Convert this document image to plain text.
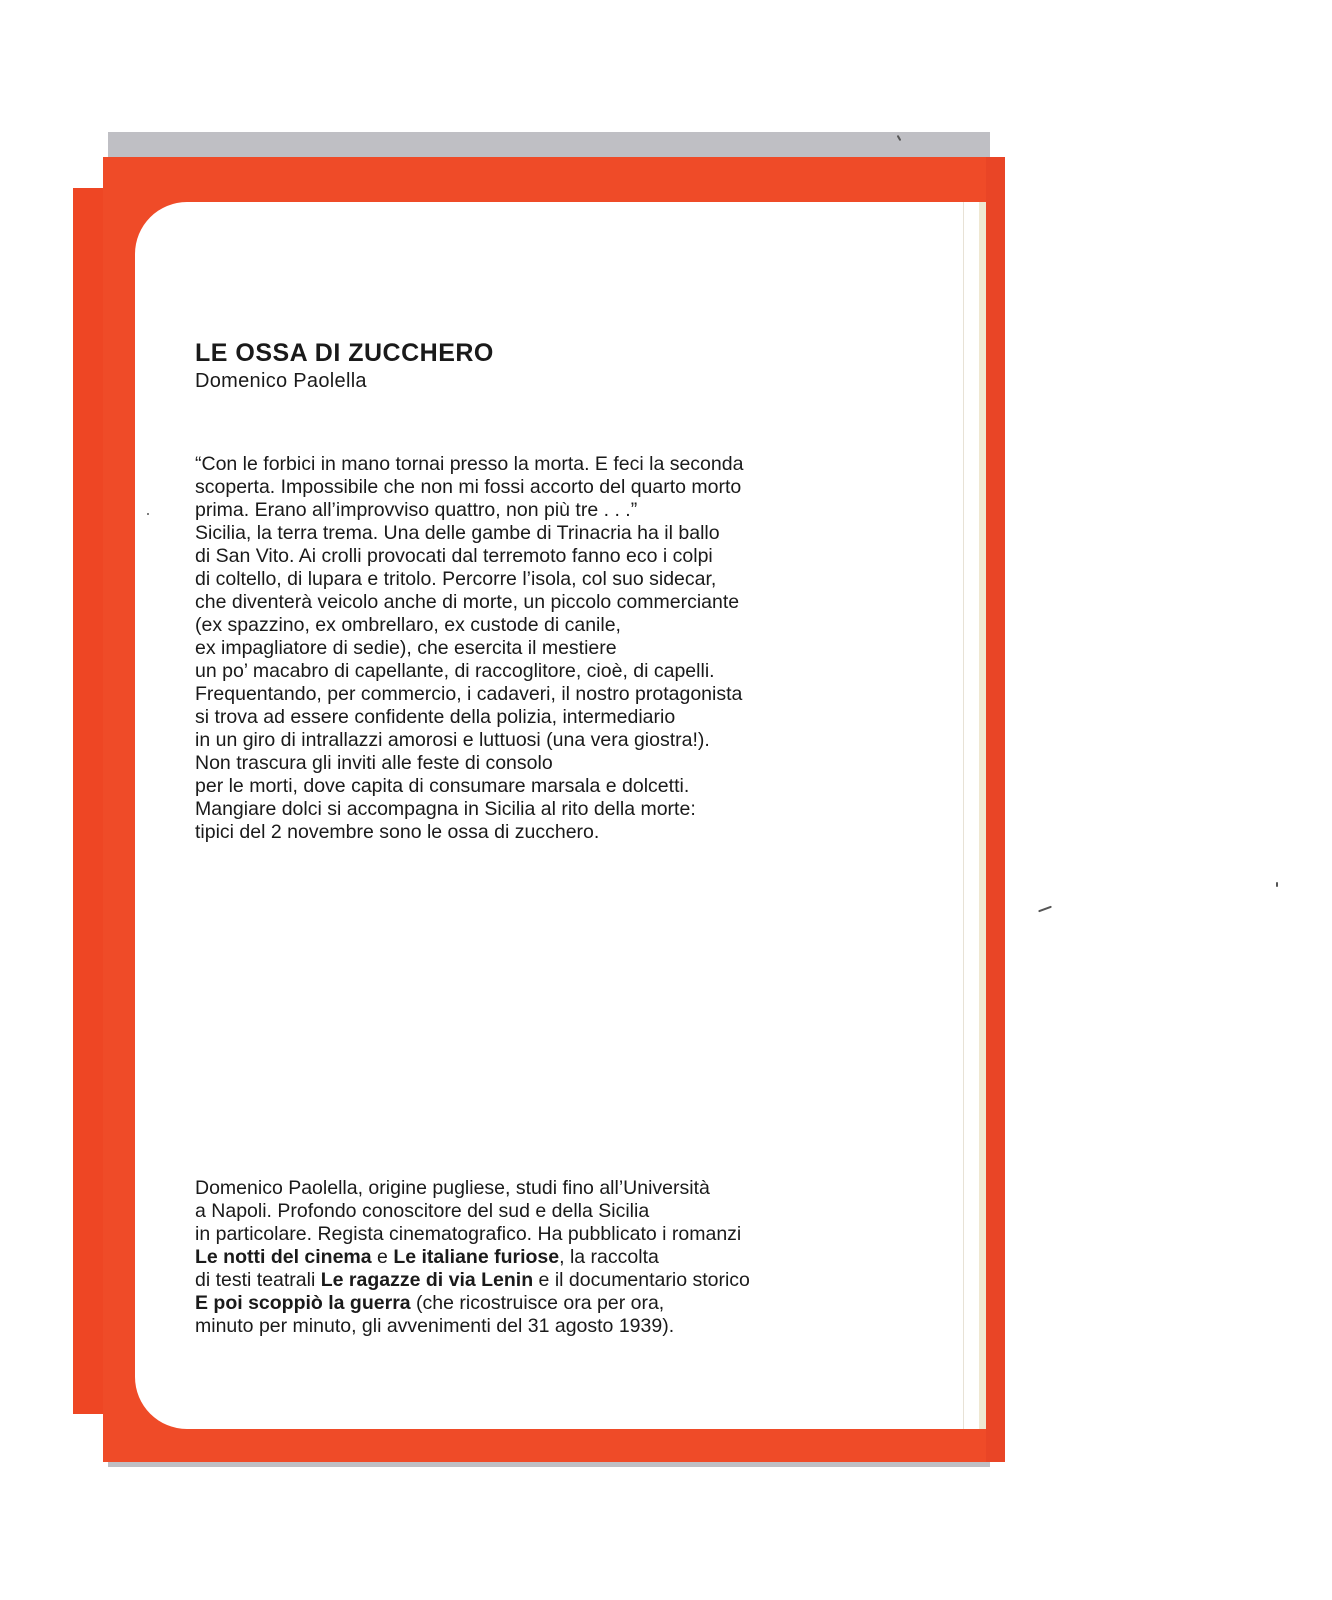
LE OSSA DI ZUCCHERO
Domenico Paolella
“Con le forbici in mano tornai presso la morta. E feci la seconda
scoperta. Impossibile che non mi fossi accorto del quarto morto
prima. Erano all’improvviso quattro, non più tre . . .”
Sicilia, la terra trema. Una delle gambe di Trinacria ha il ballo
di San Vito. Ai crolli provocati dal terremoto fanno eco i colpi
di coltello, di lupara e tritolo. Percorre l’isola, col suo sidecar,
che diventerà veicolo anche di morte, un piccolo commerciante
(ex spazzino, ex ombrellaro, ex custode di canile,
ex impagliatore di sedie), che esercita il mestiere
un po’ macabro di capellante, di raccoglitore, cioè, di capelli.
Frequentando, per commercio, i cadaveri, il nostro protagonista
si trova ad essere confidente della polizia, intermediario
in un giro di intrallazzi amorosi e luttuosi (una vera giostra!).
Non trascura gli inviti alle feste di consolo
per le morti, dove capita di consumare marsala e dolcetti.
Mangiare dolci si accompagna in Sicilia al rito della morte:
tipici del 2 novembre sono le ossa di zucchero.
Domenico Paolella, origine pugliese, studi fino all’Università
a Napoli. Profondo conoscitore del sud e della Sicilia
in particolare. Regista cinematografico. Ha pubblicato i romanzi
Le notti del cinema e Le italiane furiose, la raccolta
di testi teatrali Le ragazze di via Lenin e il documentario storico
E poi scoppiò la guerra (che ricostruisce ora per ora,
minuto per minuto, gli avvenimenti del 31 agosto 1939).
